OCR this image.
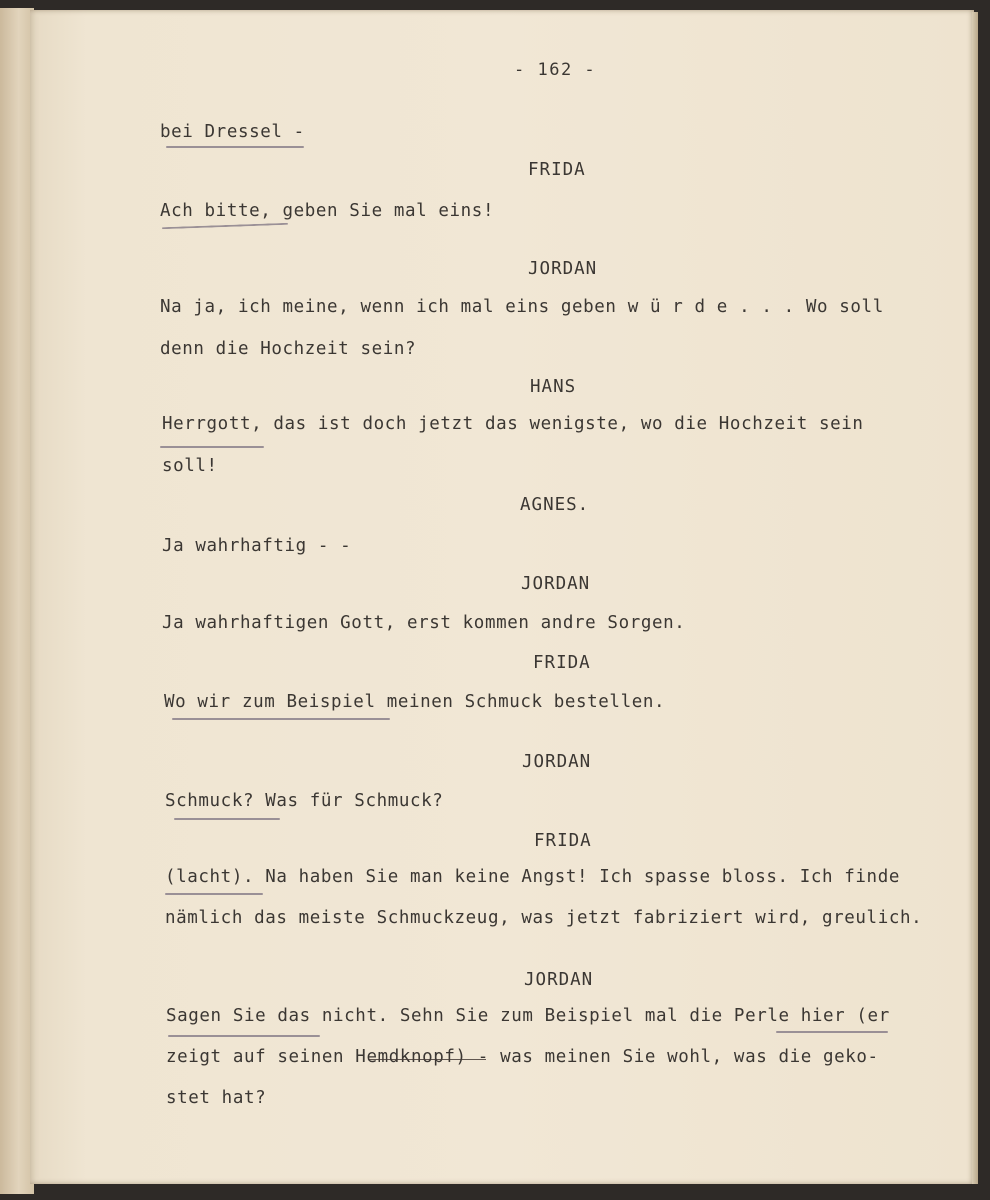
- 162 -
bei Dressel -
FRIDA
Ach bitte, geben Sie mal eins!
JORDAN
Na ja, ich meine, wenn ich mal eins geben w ü r d e . . . Wo soll
denn die Hochzeit sein?
HANS
Herrgott, das ist doch jetzt das wenigste, wo die Hochzeit sein
soll!
AGNES.
Ja wahrhaftig - -
JORDAN
Ja wahrhaftigen Gott, erst kommen andre Sorgen.
FRIDA
Wo wir zum Beispiel meinen Schmuck bestellen.
JORDAN
Schmuck? Was für Schmuck?
FRIDA
(lacht). Na haben Sie man keine Angst! Ich spasse bloss. Ich finde
nämlich das meiste Schmuckzeug, was jetzt fabriziert wird, greulich.
JORDAN
Sagen Sie das nicht. Sehn Sie zum Beispiel mal die Perle hier (er
zeigt auf seinen Hemdknopf) - was meinen Sie wohl, was die geko-
stet hat?
